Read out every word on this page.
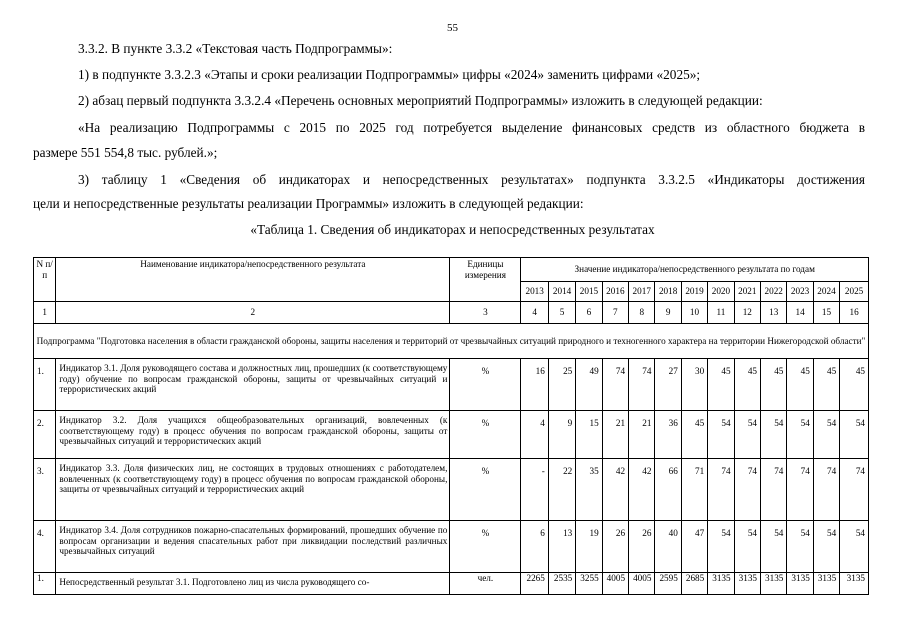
55
3.3.2. В пункте 3.3.2 «Текстовая часть Подпрограммы»:
1) в подпункте 3.3.2.3 «Этапы и сроки реализации Подпрограммы» цифры «2024» заменить цифрами «2025»;
2) абзац первый подпункта 3.3.2.4 «Перечень основных мероприятий Подпрограммы» изложить в следующей редакции:
«На реализацию Подпрограммы с 2015 по 2025 год потребуется выделение финансовых средств из областного бюджета в
размере 551 554,8 тыс. рублей.»;
3) таблицу 1 «Сведения об индикаторах и непосредственных результатах» подпункта 3.3.2.5 «Индикаторы достижения
цели и непосредственные результаты реализации Программы» изложить в следующей редакции:
«Таблица 1. Сведения об индикаторах и непосредственных результатах
N п/п	Наименование индикатора/непосредственного результата	Единицы измерения	Значение индикатора/непосредственного результата по годам												
			2013	2014	2015	2016	2017	2018	2019	2020	2021	2022	2023	2024	2025
1	2	3	4	5	6	7	8	9	10	11	12	13	14	15	16
Подпрограмма "Подготовка населения в области гражданской обороны, защиты населения и территорий от чрезвычайных ситуаций природного и техногенного характера на территории Нижегородской области"															
1.	Индикатор 3.1. Доля руководящего состава и должностных лиц, прошедших (к соответствующему году) обучение по вопросам гражданской обороны, защиты от чрезвычайных ситуаций и террористических акций	%	16	25	49	74	74	27	30	45	45	45	45	45	45
2.	Индикатор 3.2. Доля учащихся общеобразовательных организаций, вовлеченных (к соответствующему году) в процесс обучения по вопросам гражданской обороны, защиты от чрезвычайных ситуаций и террористических акций	%	4	9	15	21	21	36	45	54	54	54	54	54	54
3.	Индикатор 3.3. Доля физических лиц, не состоящих в трудовых отношениях с работодателем, вовлеченных (к соответствующему году) в процесс обучения по вопросам гражданской обороны, защиты от чрезвычайных ситуаций и террористических акций	%	-	22	35	42	42	66	71	74	74	74	74	74	74
4.	Индикатор 3.4. Доля сотрудников пожарно-спасательных формирований, прошедших обучение по вопросам организации и ведения спасательных работ при ликвидации последствий различных чрезвычайных ситуаций	%	6	13	19	26	26	40	47	54	54	54	54	54	54
1.	Непосредственный результат 3.1. Подготовлено лиц из числа руководящего со-	чел.	2265	2535	3255	4005	4005	2595	2685	3135	3135	3135	3135	3135	3135
